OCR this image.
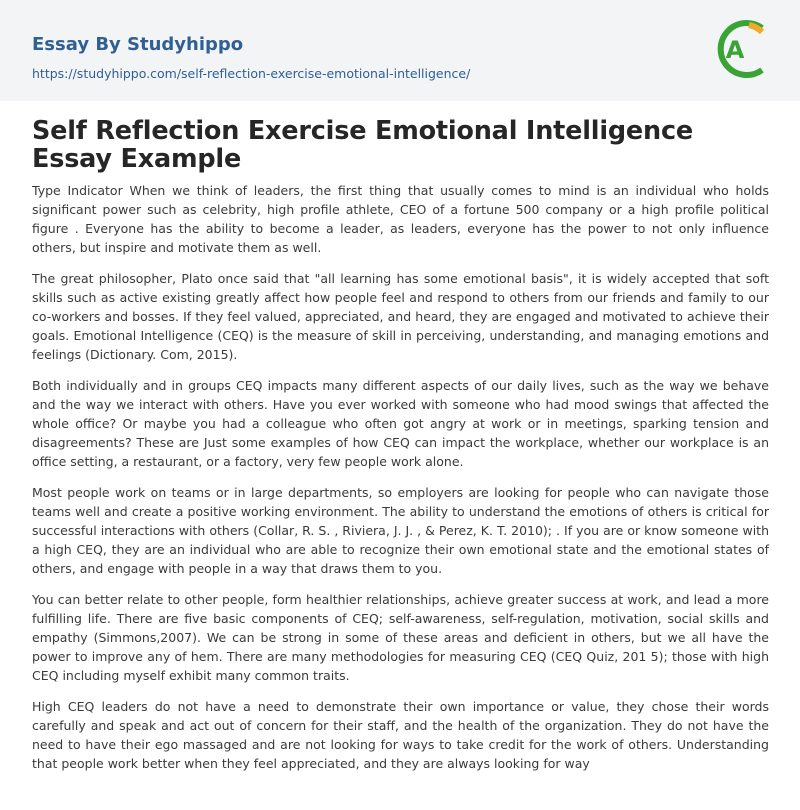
Essay By Studyhippo
https://studyhippo.com/self-reflection-exercise-emotional-intelligence/
A
Self Reflection Exercise Emotional Intelligence Essay Example

Type Indicator When we think of leaders, the first thing that usually comes to mind is an individual who holds significant power such as celebrity, high profile athlete, CEO of a fortune 500 company or a high profile political figure . Everyone has the ability to become a leader, as leaders, everyone has the power to not only influence others, but inspire and motivate them as well.

The great philosopher, Plato once said that "all learning has some emotional basis", it is widely accepted that soft skills such as active existing greatly affect how people feel and respond to others from our friends and family to our co-workers and bosses. If they feel valued, appreciated, and heard, they are engaged and motivated to achieve their goals. Emotional Intelligence (CEQ) is the measure of skill in perceiving, understanding, and managing emotions and feelings (Dictionary. Com, 2015).

Both individually and in groups CEQ impacts many different aspects of our daily lives, such as the way we behave and the way we interact with others. Have you ever worked with someone who had mood swings that affected the whole office? Or maybe you had a colleague who often got angry at work or in meetings, sparking tension and disagreements? These are Just some examples of how CEQ can impact the workplace, whether our workplace is an office setting, a restaurant, or a factory, very few people work alone.

Most people work on teams or in large departments, so employers are looking for people who can navigate those teams well and create a positive working environment. The ability to understand the emotions of others is critical for successful interactions with others (Collar, R. S. , Riviera, J. J. , & Perez, K. T. 2010); . If you are or know someone with a high CEQ, they are an individual who are able to recognize their own emotional state and the emotional states of others, and engage with people in a way that draws them to you.

You can better relate to other people, form healthier relationships, achieve greater success at work, and lead a more fulfilling life. There are five basic components of CEQ; self-awareness, self-regulation, motivation, social skills and empathy (Simmons,2007). We can be strong in some of these areas and deficient in others, but we all have the power to improve any of hem. There are many methodologies for measuring CEQ (CEQ Quiz, 201 5); those with high CEQ including myself exhibit many common traits.

High CEQ leaders do not have a need to demonstrate their own importance or value, they chose their words carefully and speak and act out of concern for their staff, and the health of the organization. They do not have the need to have their ego massaged and are not looking for ways to take credit for the work of others. Understanding that people work better when they feel appreciated, and they are always looking for way
